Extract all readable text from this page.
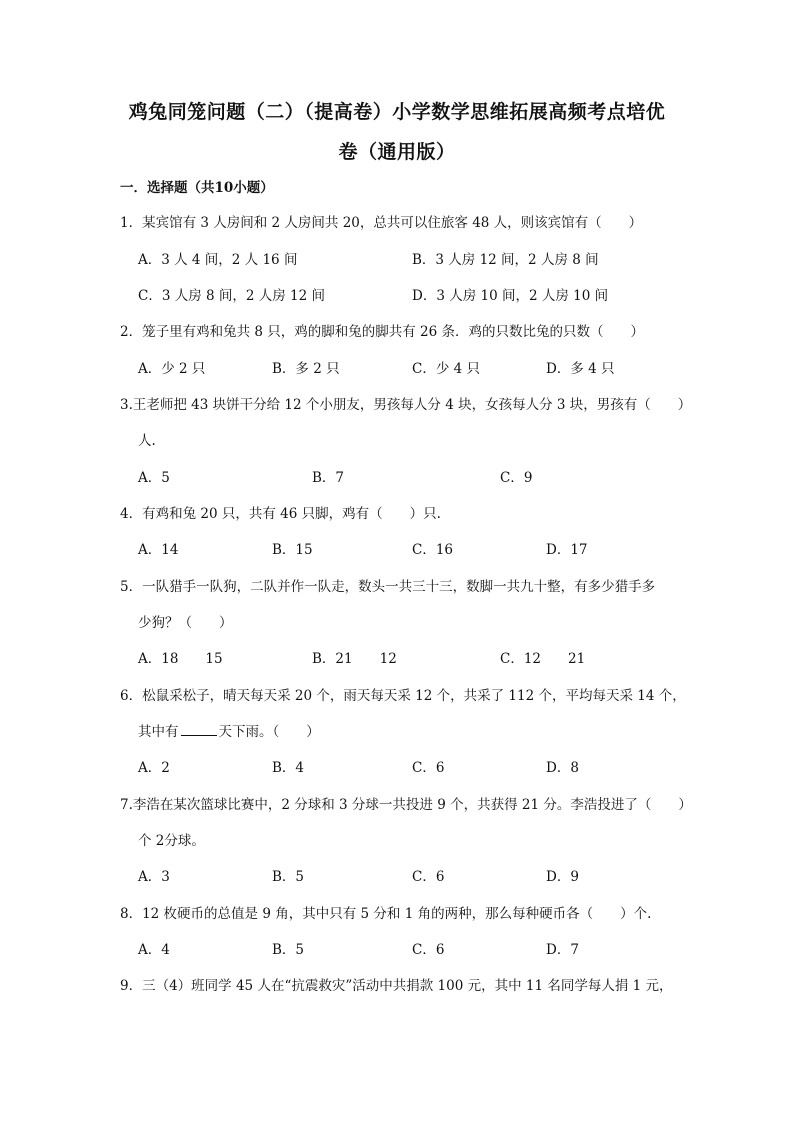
鸡兔同笼问题（二）（提高卷）小学数学思维拓展高频考点培优
卷（通用版）
一．选择题（共10小题）
1．某宾馆有 3 人房间和 2 人房间共 20，总共可以住旅客 48 人，则该宾馆有（　　）
A．3 人 4 间，2 人 16 间	B．3 人房 12 间，2 人房 8 间
C．3 人房 8 间，2 人房 12 间	D．3 人房 10 间，2 人房 10 间
2．笼子里有鸡和兔共 8 只，鸡的脚和兔的脚共有 26 条．鸡的只数比兔的只数（　　）
A．少 2 只	B．多 2 只	C．少 4 只	D．多 4 只
3.王老师把 43 块饼干分给 12 个小朋友，男孩每人分 4 块，女孩每人分 3 块，男孩有（　　）
人.
A．5	B．7	C．9
4．有鸡和兔 20 只，共有 46 只脚，鸡有（　　）只.
A．14	B．15	C．16	D．17
5．一队猎手一队狗，二队并作一队走，数头一共三十三，数脚一共九十整，有多少猎手多
少狗？（　　）
A．18　　15	B．21　　12	C．12　　21
6．松鼠采松子，晴天每天采 20 个，雨天每天采 12 个，共采了 112 个，平均每天采 14 个，
其中有	天下雨。（　　）
A．2	B．4	C．6	D．8
7.李浩在某次篮球比赛中，2 分球和 3 分球一共投进 9 个，共获得 21 分。李浩投进了（　　）
个 2分球。
A．3	B．5	C．6	D．9
8．12 枚硬币的总值是 9 角，其中只有 5 分和 1 角的两种，那么每种硬币各（　　）个.
A．4	B．5	C．6	D．7
9．三（4）班同学 45 人在“抗震救灾”活动中共捐款 100 元，其中 11 名同学每人捐 1 元，
